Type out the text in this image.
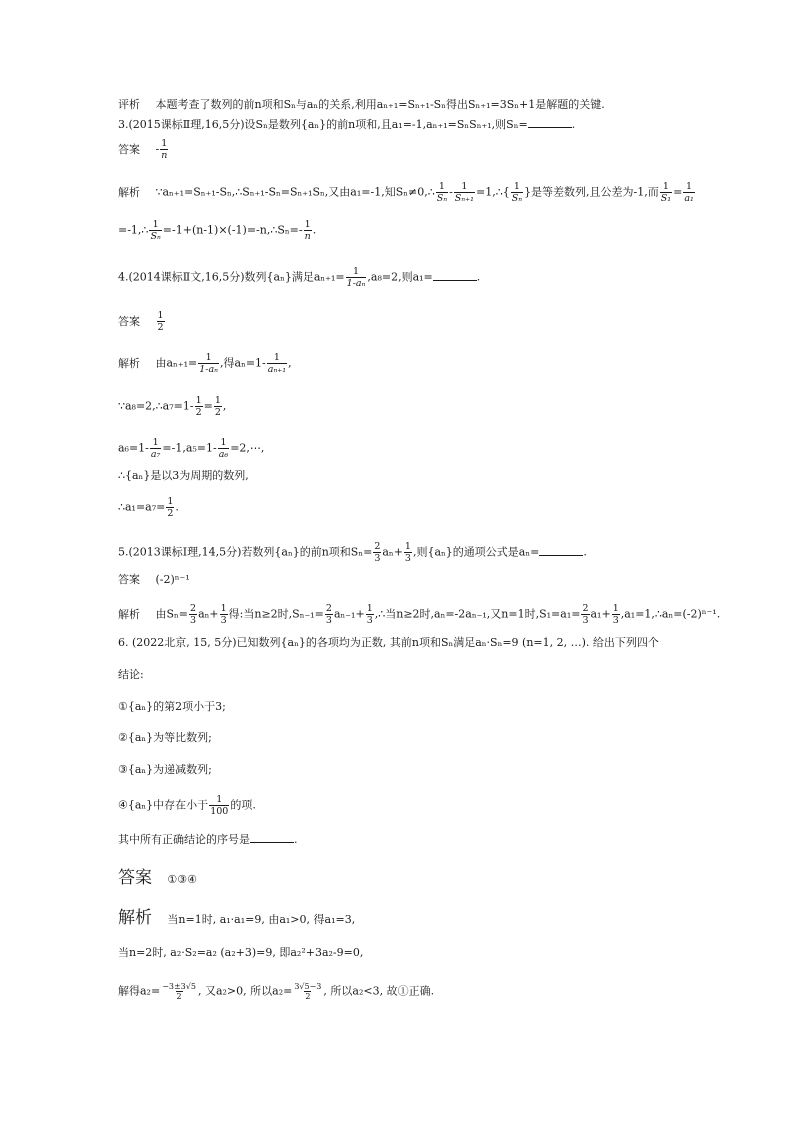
评析 本题考查了数列的前n项和Sₙ与aₙ的关系,利用aₙ₊₁=Sₙ₊₁-Sₙ得出Sₙ₊₁=3Sₙ+1是解题的关键.
3.(2015课标Ⅱ理,16,5分)设Sₙ是数列{aₙ}的前n项和,且a₁=-1,aₙ₊₁=SₙSₙ₊₁,则Sₙ=	.
答案 - $\frac{1}{n}$
解析 ∵aₙ₊₁=Sₙ₊₁-Sₙ,∴Sₙ₊₁-Sₙ=Sₙ₊₁Sₙ,又由a₁=-1,知Sₙ≠0,∴ $\frac{1}{\text{Sₙ}} - \frac{1}{\text{Sₙ₊₁}}$ =1,∴{ $\frac{1}{\text{Sₙ}}$ }是等差数列,且公差为-1,而 $\frac{1}{\text{S₁}} = \frac{1}{\text{a₁}}$
=-1,∴ $\frac{1}{\text{Sₙ}}$ =-1+(n-1)×(-1)=-n,∴Sₙ=- $\frac{1}{n}$ .
4.(2014课标Ⅱ文,16,5分)数列{aₙ}满足$a_{n+1}= \frac{1}{\text{1-aₙ}} ,a_8=2$,则a₁=	.
答案 $\frac{1}{2}$
解析 由$a_{n+1}= \frac{1}{\text{1-aₙ}}$ ,得$a_n=1- \frac{1}{\text{aₙ₊₁}}$ ,
∵a₈=2,∴a₇=1- $\frac{1}{2} = \frac{1}{2}$ ,
$a_6=1- \frac{1}{\text{a₇}} =-1,a_5=1- \frac{1}{\text{a₆}}$ =2,⋯,
∴{aₙ}是以3为周期的数列,
∴a₁=a₇= $\frac{1}{2}$ .
5.(2013课标Ⅰ理,14,5分)若数列{aₙ}的前n项和$S_n= \frac{2}{3} a_n+ \frac{1}{3}$ ,则{aₙ}的通项公式是aₙ=	.
答案 (-2)ⁿ⁻¹
解析 由$S_n= \frac{2}{3} a_n+ \frac{1}{3}$ 得:当n≥2时$,S_{n-1}= \frac{2}{3} a_{n-1}+ \frac{1}{3}$ ,∴当n≥2时,aₙ=-2aₙ₋₁,又n=1时$,S_1=a_1= \frac{2}{3} a_1+ \frac{1}{3}$ ,a₁=1,∴aₙ=(-2)ⁿ⁻¹.
6. (2022北京, 15, 5分)已知数列{aₙ}的各项均为正数, 其前n项和Sₙ满足aₙ·Sₙ=9 (n=1, 2, …). 给出下列四个
结论:
①{aₙ}的第2项小于3;
②{aₙ}为等比数列;
③{aₙ}为递减数列;
④{aₙ}中存在小于 $\frac{1}{100}$ 的项.
其中所有正确结论的序号是	.
答案 ①③④
解析 当n=1时, a₁·a₁=9, 由a₁>0, 得a₁=3,
当n=2时, a₂·S₂=a₂ (a₂+3)=9, 即a₂²+3a₂-9=0,
解得$a_2= \frac{-3\pm 3√5}{2}$ , 又a₂>0, 所以$a_2= \frac{3√5-3}{2}$ , 所以a₂<3, 故①正确.
